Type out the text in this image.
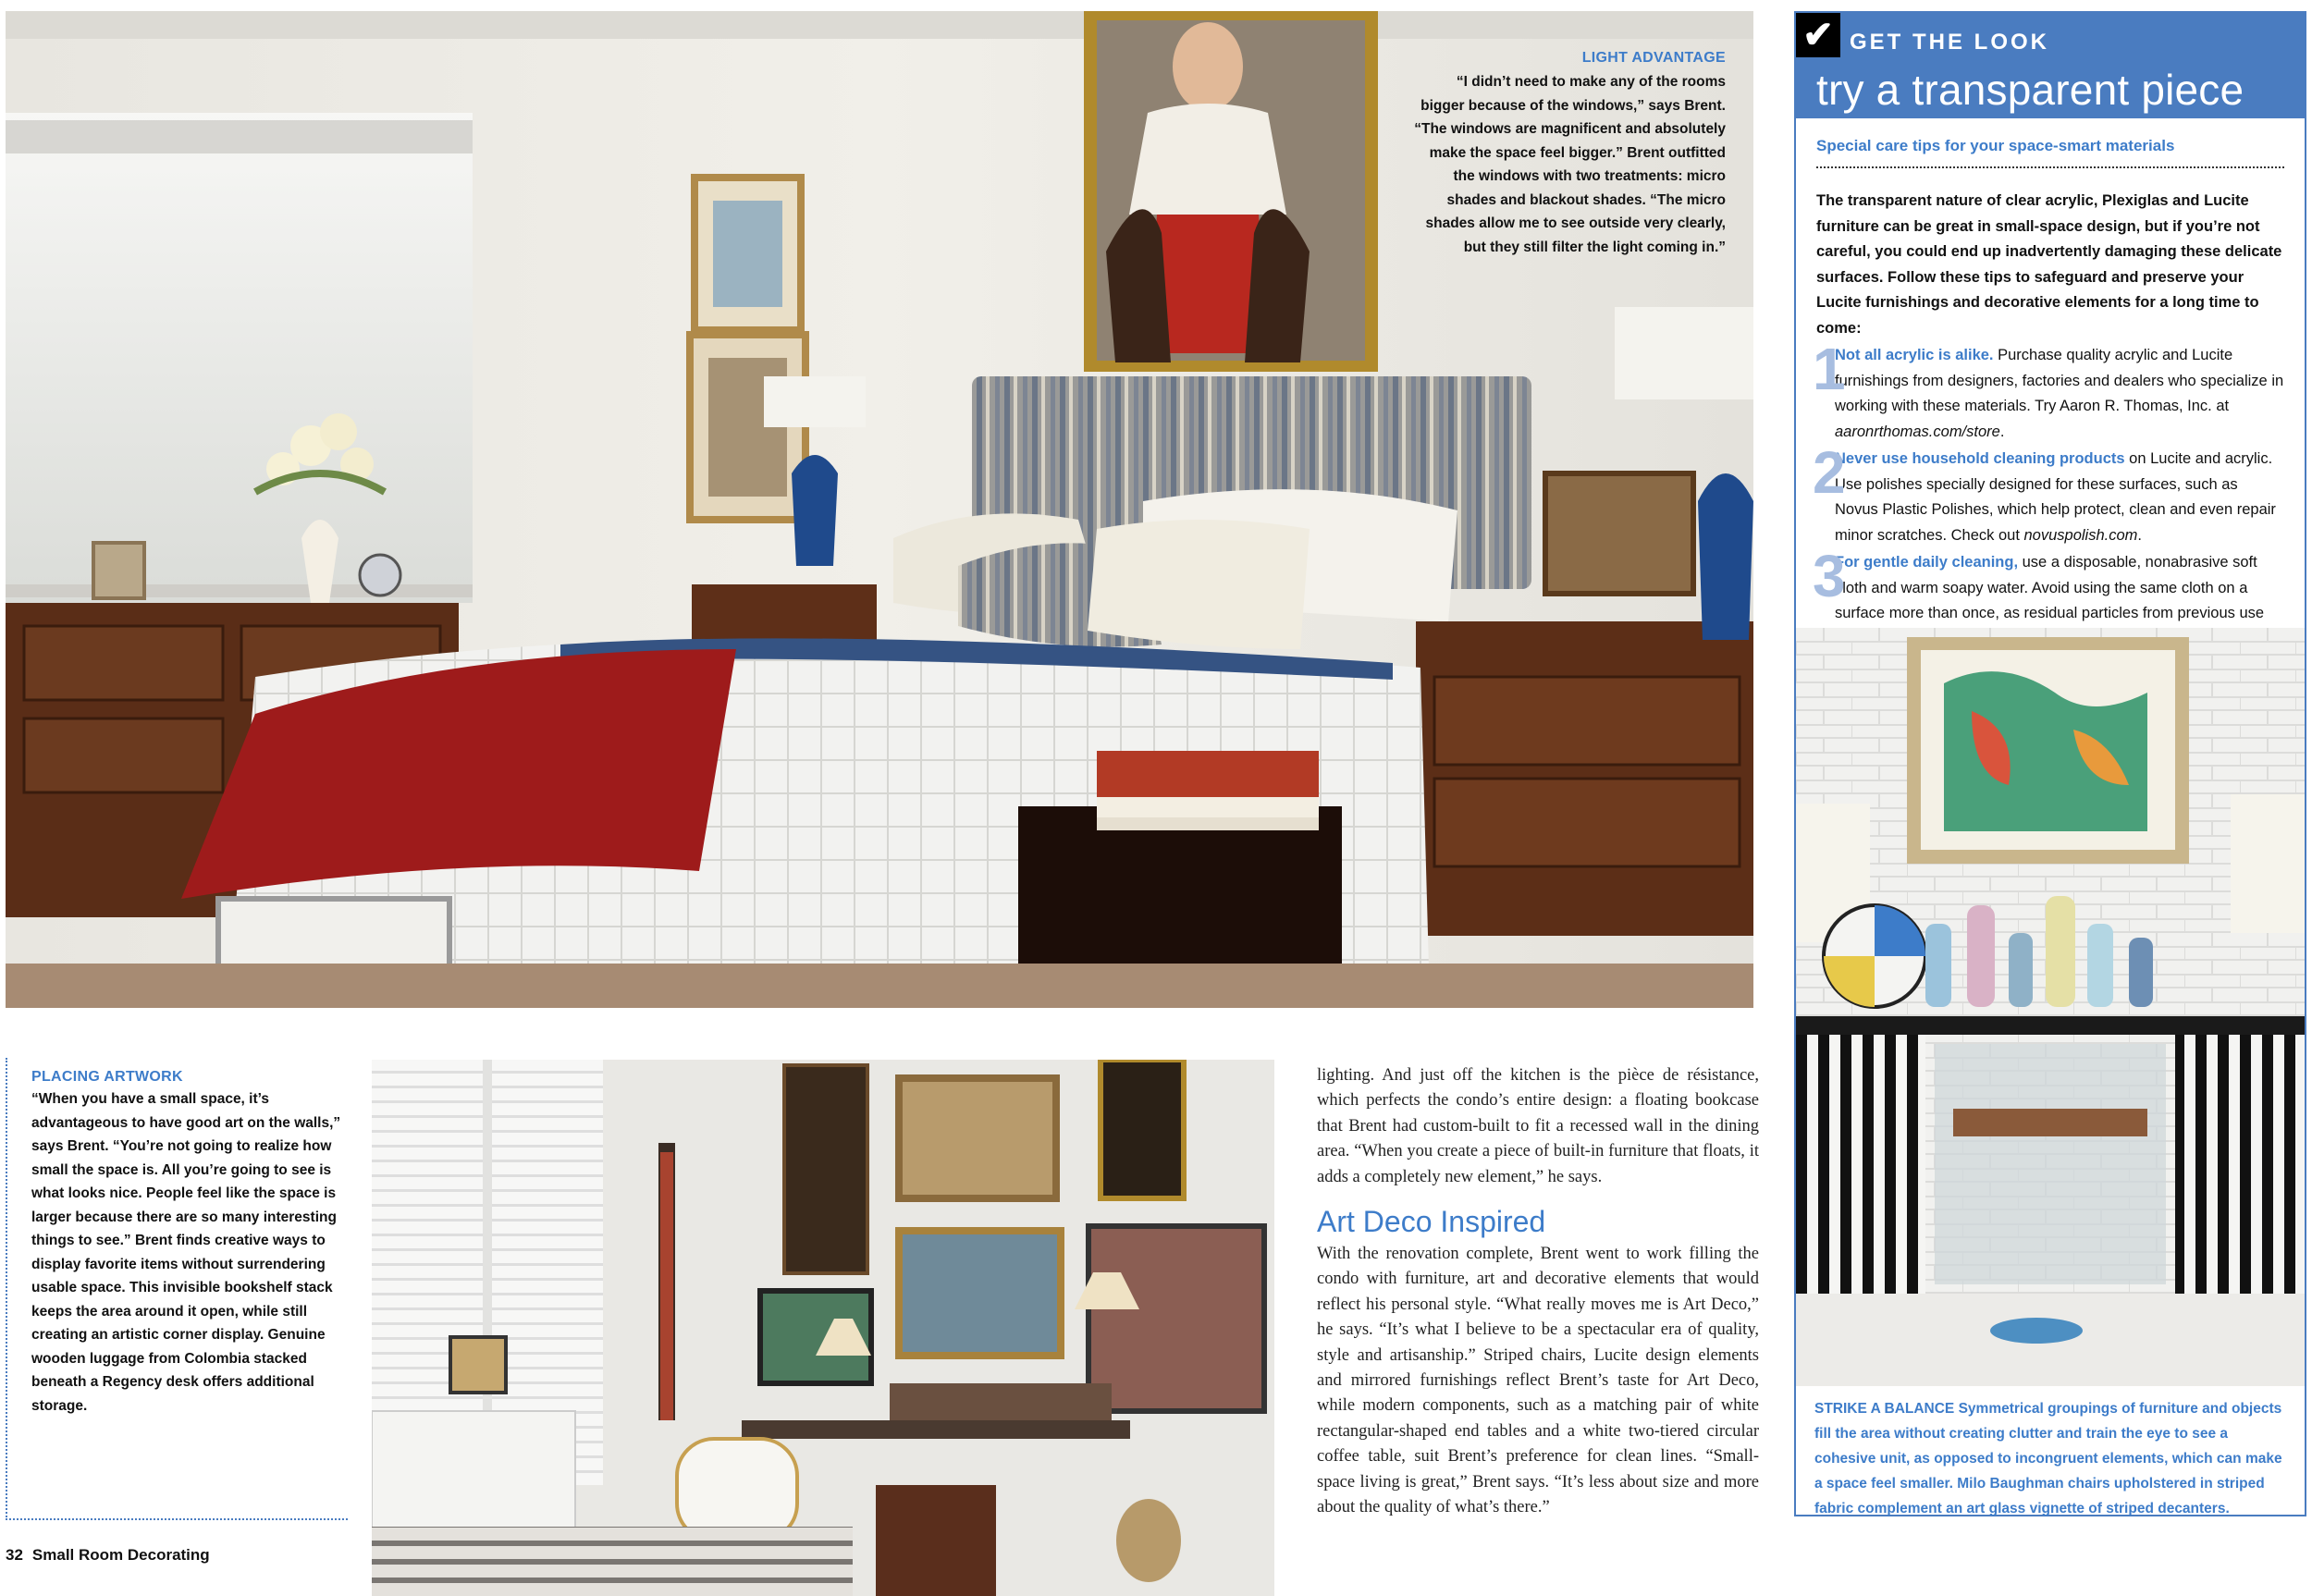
LIGHT ADVANTAGE
“I didn’t need to make any of the rooms bigger because of the windows,” says Brent. “The windows are magnificent and absolutely make the space feel bigger.” Brent outfitted the windows with two treatments: micro shades and blackout shades. “The micro shades allow me to see outside very clearly, but they still filter the light coming in.”
✔ GET THE LOOK
try a transparent piece
Special care tips for your space-smart materials
The transparent nature of clear acrylic, Plexiglas and Lucite furniture can be great in small-space design, but if you’re not careful, you could end up inadvertently damaging these delicate surfaces. Follow these tips to safeguard and preserve your Lucite furnishings and decorative elements for a long time to come:
1
Not all acrylic is alike. Purchase quality acrylic and Lucite furnishings from designers, factories and dealers who specialize in working with these materials. Try Aaron R. Thomas, Inc. at aaronrthomas.com/store.
2
Never use household cleaning products on Lucite and acrylic. Use polishes specially designed for these surfaces, such as Novus Plastic Polishes, which help protect, clean and even repair minor scratches. Check out novuspolish.com.
3
For gentle daily cleaning, use a disposable, nonabrasive soft cloth and warm soapy water. Avoid using the same cloth on a surface more than once, as residual particles from previous use
STRIKE A BALANCE Symmetrical groupings of furniture and objects fill the area without creating clutter and train the eye to see a cohesive unit, as opposed to incongruent elements, which can make a space feel smaller. Milo Baughman chairs upholstered in striped fabric complement an art glass vignette of striped decanters.
PLACING ARTWORK
“When you have a small space, it’s advantageous to have good art on the walls,” says Brent. “You’re not going to realize how small the space is. All you’re going to see is what looks nice. People feel like the space is larger because there are so many interesting things to see.” Brent finds creative ways to display favorite items without surrendering usable space. This invisible bookshelf stack keeps the area around it open, while still creating an artistic corner display. Genuine wooden luggage from Colombia stacked beneath a Regency desk offers additional storage.
32 Small Room Decorating

lighting. And just off the kitchen is the pièce de résistance, which perfects the condo’s entire design: a floating bookcase that Brent had custom-built to fit a recessed wall in the dining area. “When you create a piece of built-in furniture that floats, it adds a completely new element,” he says.

Art Deco Inspired

With the renovation complete, Brent went to work filling the condo with furniture, art and decorative elements that would reflect his personal style. “What really moves me is Art Deco,” he says. “It’s what I believe to be a spectacular era of quality, style and artisanship.” Striped chairs, Lucite design elements and mirrored furnishings reflect Brent’s taste for Art Deco, while modern components, such as a matching pair of white rectangular-shaped end tables and a white two-tiered circular coffee table, suit Brent’s preference for clean lines. “Small-space living is great,” Brent says. “It’s less about size and more about the quality of what’s there.”
